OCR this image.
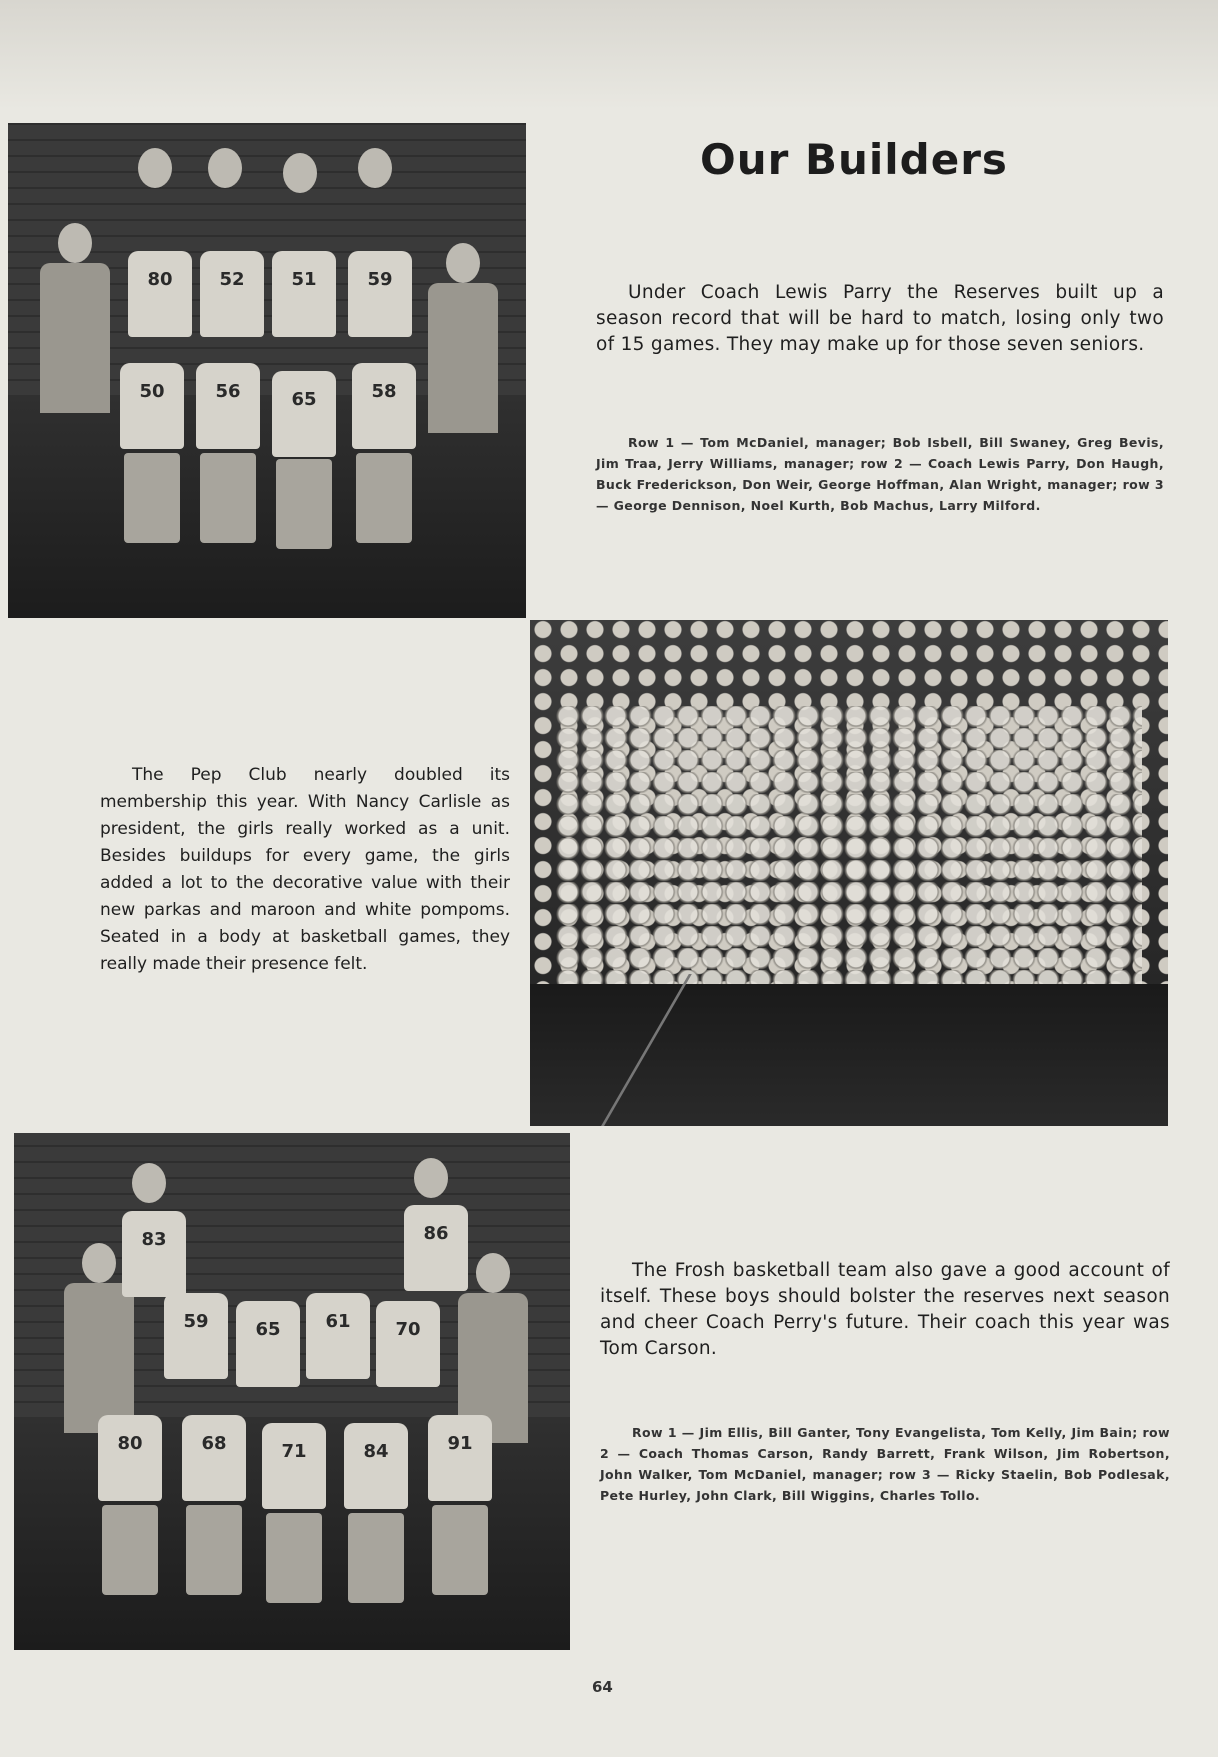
80	52	51	59
50	56	65	58
Our Builders

Under Coach Lewis Parry the Reserves built up a season record that will be hard to match, losing only two of 15 games. They may make up for those seven seniors.

Row 1 — Tom McDaniel, manager; Bob Isbell, Bill Swaney, Greg Bevis, Jim Traa, Jerry Williams, manager; row 2 — Coach Lewis Parry, Don Haugh, Buck Frederickson, Don Weir, George Hoffman, Alan Wright, manager; row 3 — George Dennison, Noel Kurth, Bob Machus, Larry Milford.

The Pep Club nearly doubled its membership this year. With Nancy Carlisle as president, the girls really worked as a unit. Besides buildups for every game, the girls added a lot to the decorative value with their new parkas and maroon and white pompoms. Seated in a body at basketball games, they really made their presence felt.

83	86
59	65	61	70
80	68	71	84	91

The Frosh basketball team also gave a good account of itself. These boys should bolster the reserves next season and cheer Coach Perry's future. Their coach this year was Tom Carson.

Row 1 — Jim Ellis, Bill Ganter, Tony Evangelista, Tom Kelly, Jim Bain; row 2 — Coach Thomas Carson, Randy Barrett, Frank Wilson, Jim Robertson, John Walker, Tom McDaniel, manager; row 3 — Ricky Staelin, Bob Podlesak, Pete Hurley, John Clark, Bill Wiggins, Charles Tollo.

64
